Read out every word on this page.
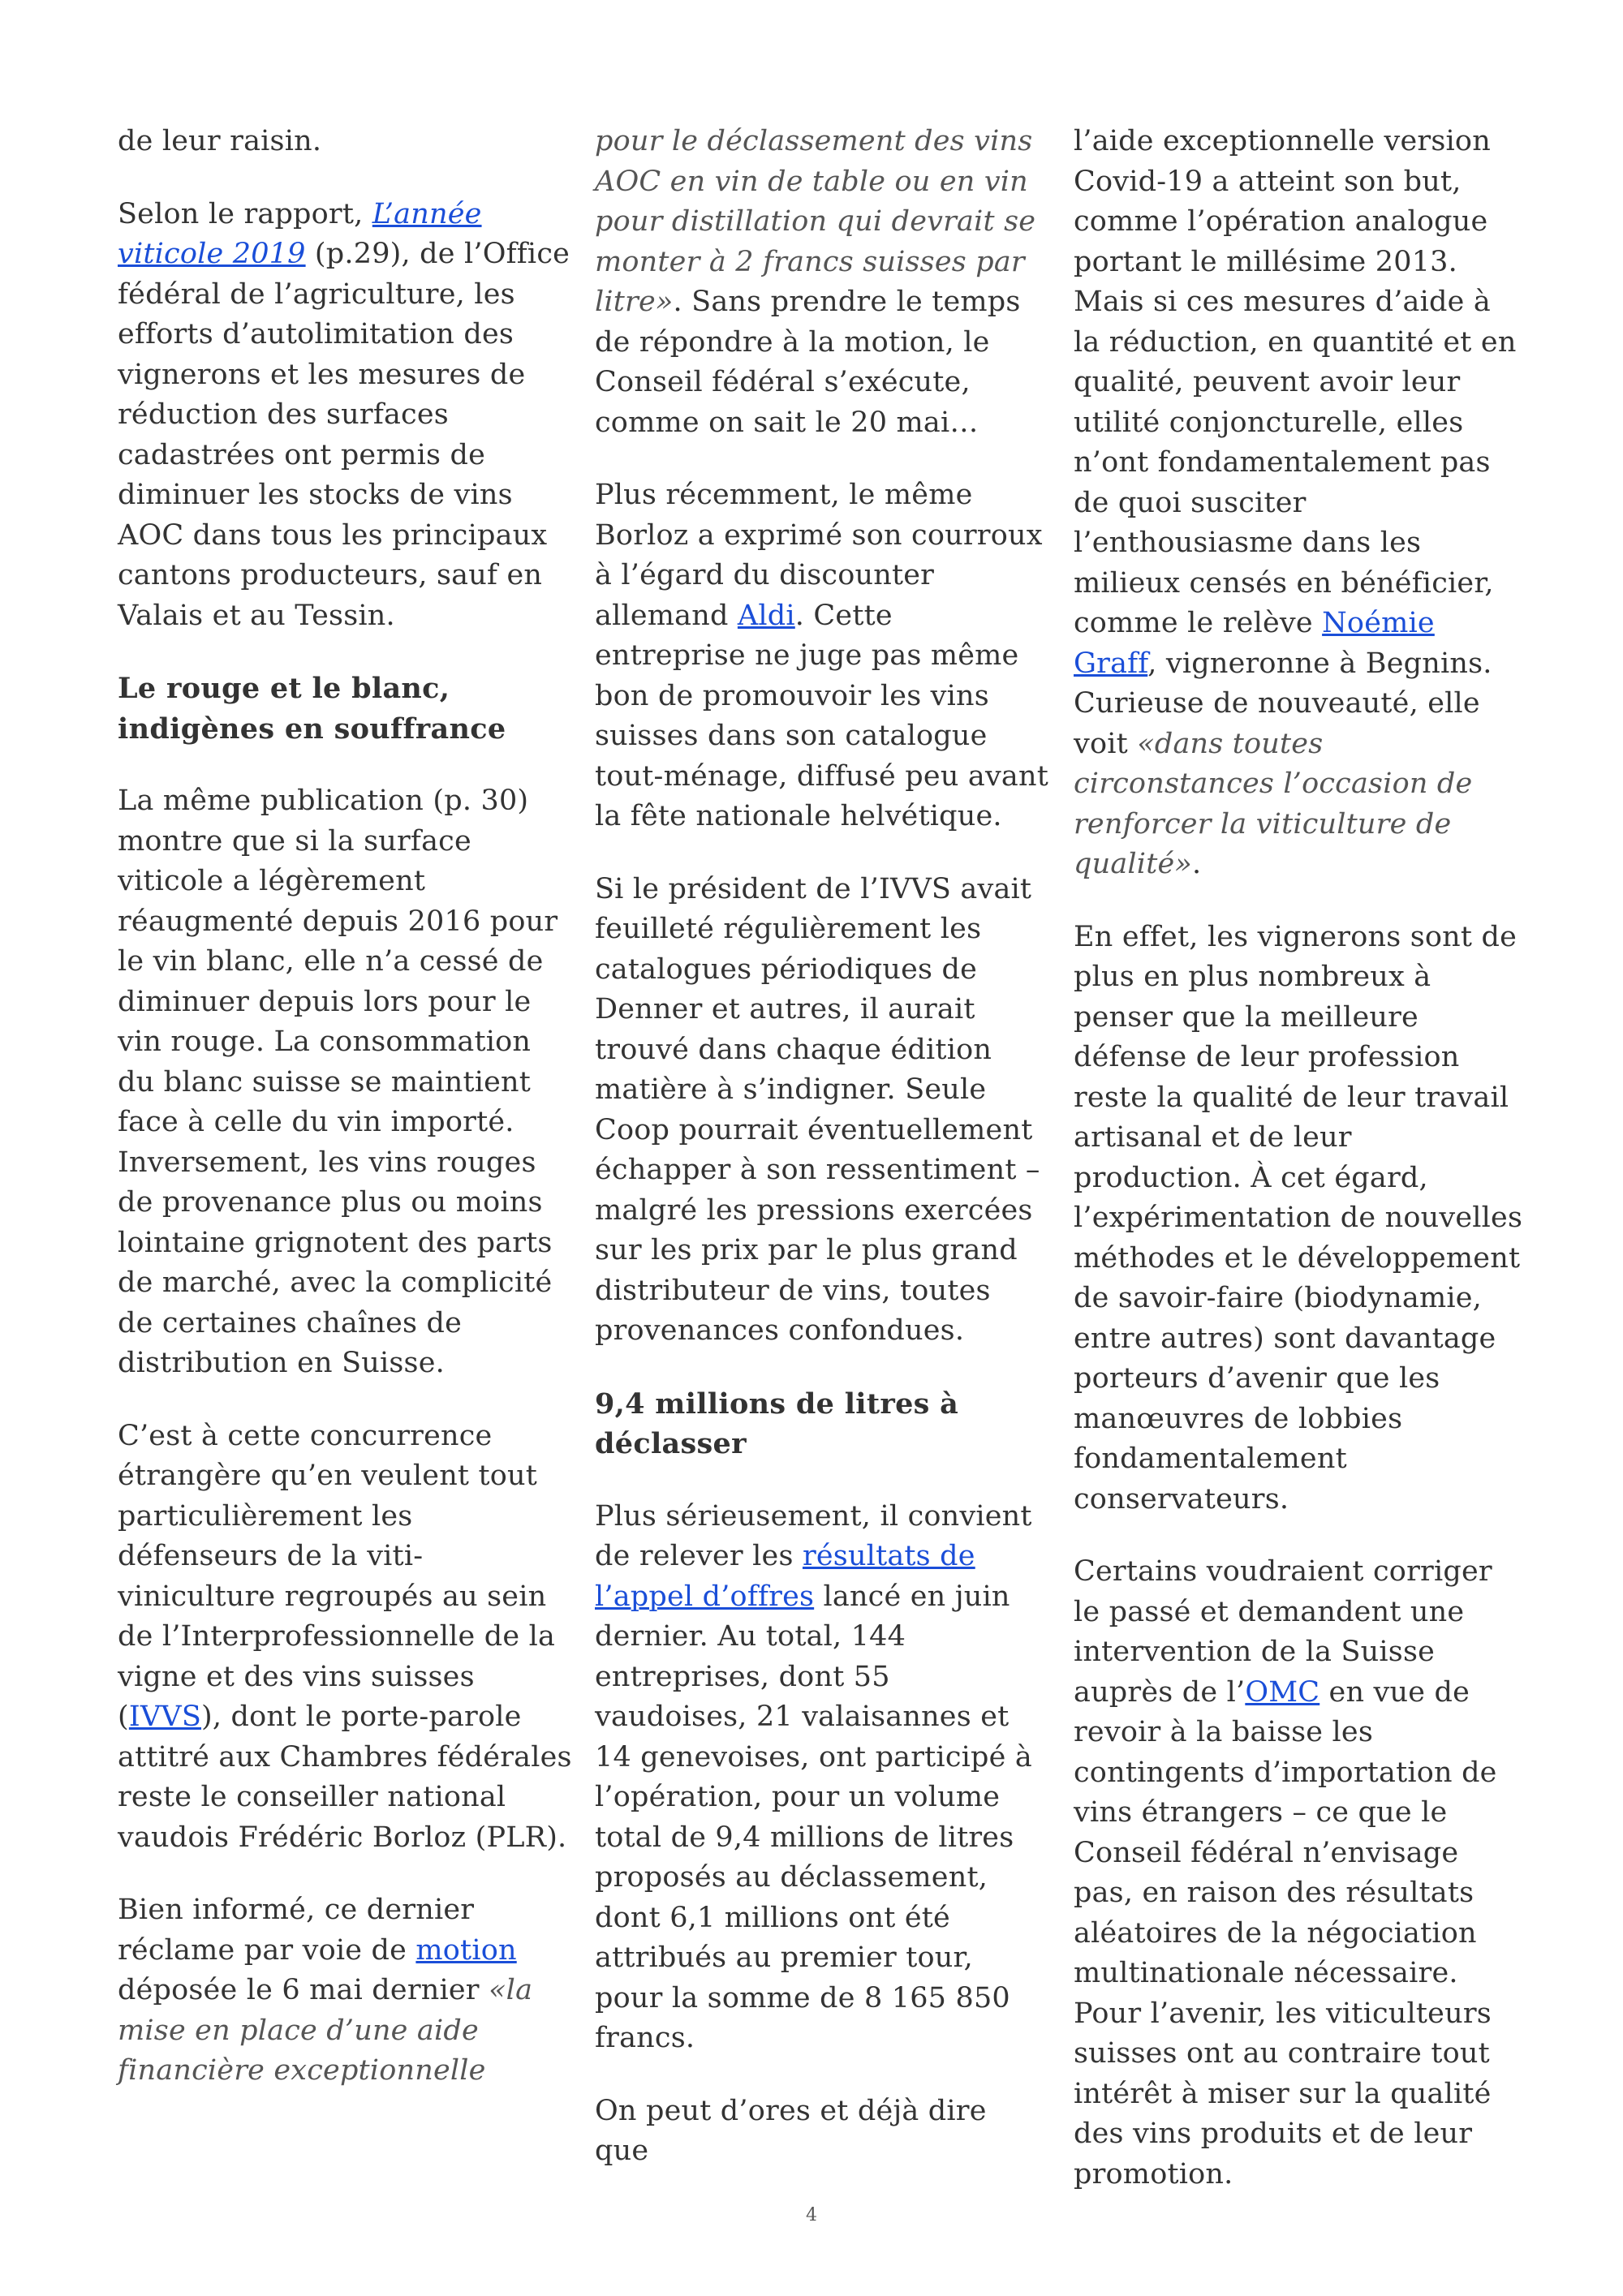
de leur raisin.

Selon le rapport, L’année viticole 2019 (p.29), de l’Office fédéral de l’agriculture, les efforts d’autolimitation des vignerons et les mesures de réduction des surfaces cadastrées ont permis de diminuer les stocks de vins AOC dans tous les principaux cantons producteurs, sauf en Valais et au Tessin.

Le rouge et le blanc, indigènes en souffrance

La même publication (p. 30) montre que si la surface viticole a légèrement réaugmenté depuis 2016 pour le vin blanc, elle n’a cessé de diminuer depuis lors pour le vin rouge. La consommation du blanc suisse se maintient face à celle du vin importé. Inversement, les vins rouges de provenance plus ou moins lointaine grignotent des parts de marché, avec la complicité de certaines chaînes de distribution en Suisse.

C’est à cette concurrence étrangère qu’en veulent tout particulièrement les défenseurs de la viti-viniculture regroupés au sein de l’Interprofessionnelle de la vigne et des vins suisses (IVVS), dont le porte-parole attitré aux Chambres fédérales reste le conseiller national vaudois Frédéric Borloz (PLR).

Bien informé, ce dernier réclame par voie de motion déposée le 6 mai dernier «la mise en place d’une aide financière exceptionnelle

pour le déclassement des vins AOC en vin de table ou en vin pour distillation qui devrait se monter à 2 francs suisses par litre». Sans prendre le temps de répondre à la motion, le Conseil fédéral s’exécute, comme on sait le 20 mai…

Plus récemment, le même Borloz a exprimé son courroux à l’égard du discounter allemand Aldi. Cette entreprise ne juge pas même bon de promouvoir les vins suisses dans son catalogue tout-ménage, diffusé peu avant la fête nationale helvétique.

Si le président de l’IVVS avait feuilleté régulièrement les catalogues périodiques de Denner et autres, il aurait trouvé dans chaque édition matière à s’indigner. Seule Coop pourrait éventuellement échapper à son ressentiment – malgré les pressions exercées sur les prix par le plus grand distributeur de vins, toutes provenances confondues.

9,4 millions de litres à déclasser

Plus sérieusement, il convient de relever les résultats de l’appel d’offres lancé en juin dernier. Au total, 144 entreprises, dont 55 vaudoises, 21 valaisannes et 14 genevoises, ont participé à l’opération, pour un volume total de 9,4 millions de litres proposés au déclassement, dont 6,1 millions ont été attribués au premier tour, pour la somme de 8 165 850 francs.

On peut d’ores et déjà dire que

l’aide exceptionnelle version Covid-19 a atteint son but, comme l’opération analogue portant le millésime 2013. Mais si ces mesures d’aide à la réduction, en quantité et en qualité, peuvent avoir leur utilité conjoncturelle, elles n’ont fondamentalement pas de quoi susciter l’enthousiasme dans les milieux censés en bénéficier, comme le relève Noémie Graff, vigneronne à Begnins. Curieuse de nouveauté, elle voit «dans toutes circonstances l’occasion de renforcer la viticulture de qualité».

En effet, les vignerons sont de plus en plus nombreux à penser que la meilleure défense de leur profession reste la qualité de leur travail artisanal et de leur production. À cet égard, l’expérimentation de nouvelles méthodes et le développement de savoir-faire (biodynamie, entre autres) sont davantage porteurs d’avenir que les manœuvres de lobbies fondamentalement conservateurs.

Certains voudraient corriger le passé et demandent une intervention de la Suisse auprès de l’OMC en vue de revoir à la baisse les contingents d’importation de vins étrangers – ce que le Conseil fédéral n’envisage pas, en raison des résultats aléatoires de la négociation multinationale nécessaire. Pour l’avenir, les viticulteurs suisses ont au contraire tout intérêt à miser sur la qualité des vins produits et de leur promotion.

4
